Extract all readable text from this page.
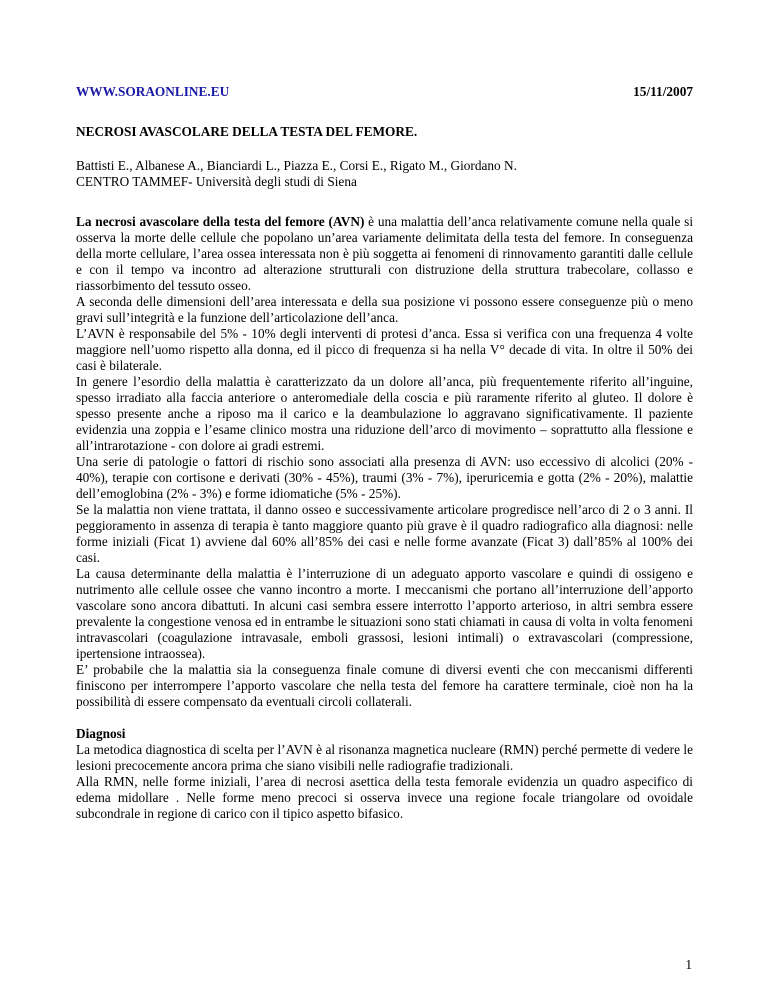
WWW.SORAONLINE.EU	15/11/2007
NECROSI AVASCOLARE DELLA TESTA DEL FEMORE.
Battisti E., Albanese A., Bianciardi L., Piazza E., Corsi E., Rigato M., Giordano N.
CENTRO TAMMEF- Università degli studi di Siena

La necrosi avascolare della testa del femore (AVN) è una malattia dell’anca relativamente comune nella quale si osserva la morte delle cellule che popolano un’area variamente delimitata della testa del femore. In conseguenza della morte cellulare, l’area ossea interessata non è più soggetta ai fenomeni di rinnovamento garantiti dalle cellule e con il tempo va incontro ad alterazione strutturali con distruzione della struttura trabecolare, collasso e riassorbimento del tessuto osseo.

A seconda delle dimensioni dell’area interessata e della sua posizione vi possono essere conseguenze più o meno gravi sull’integrità e la funzione dell’articolazione dell’anca.

L’AVN è responsabile del 5% - 10% degli interventi di protesi d’anca. Essa si verifica con una frequenza 4 volte maggiore nell’uomo rispetto alla donna, ed il picco di frequenza si ha nella V° decade di vita. In oltre il 50% dei casi è bilaterale.

In genere l’esordio della malattia è caratterizzato da un dolore all’anca, più frequentemente riferito all’inguine, spesso irradiato alla faccia anteriore o anteromediale della coscia e più raramente riferito al gluteo. Il dolore è spesso presente anche a riposo ma il carico e la deambulazione lo aggravano significativamente. Il paziente evidenzia una zoppia e l’esame clinico mostra una riduzione dell’arco di movimento – soprattutto alla flessione e all’intrarotazione - con dolore ai gradi estremi.

Una serie di patologie o fattori di rischio sono associati alla presenza di AVN: uso eccessivo di alcolici (20% - 40%), terapie con cortisone e derivati (30% - 45%), traumi (3% - 7%), iperuricemia e gotta (2% - 20%), malattie dell’emoglobina (2% - 3%) e forme idiomatiche (5% - 25%).

Se la malattia non viene trattata, il danno osseo e successivamente articolare progredisce nell’arco di 2 o 3 anni. Il peggioramento in assenza di terapia è tanto maggiore quanto più grave è il quadro radiografico alla diagnosi: nelle forme iniziali (Ficat 1) avviene dal 60% all’85% dei casi e nelle forme avanzate (Ficat 3) dall’85% al 100% dei casi.

La causa determinante della malattia è l’interruzione di un adeguato apporto vascolare e quindi di ossigeno e nutrimento alle cellule ossee che vanno incontro a morte. I meccanismi che portano all’interruzione dell’apporto vascolare sono ancora dibattuti. In alcuni casi sembra essere interrotto l’apporto arterioso, in altri sembra essere prevalente la congestione venosa ed in entrambe le situazioni sono stati chiamati in causa di volta in volta fenomeni intravascolari (coagulazione intravasale, emboli grassosi, lesioni intimali) o extravascolari (compressione, ipertensione intraossea).

E’ probabile che la malattia sia la conseguenza finale comune di diversi eventi che con meccanismi differenti finiscono per interrompere l’apporto vascolare che nella testa del femore ha carattere terminale, cioè non ha la possibilità di essere compensato da eventuali circoli collaterali.

Diagnosi

La metodica diagnostica di scelta per l’AVN è al risonanza magnetica nucleare (RMN) perché permette di vedere le lesioni precocemente ancora prima che siano visibili nelle radiografie tradizionali.

Alla RMN, nelle forme iniziali, l’area di necrosi asettica della testa femorale evidenzia un quadro aspecifico di edema midollare . Nelle forme meno precoci si osserva invece una regione focale triangolare od ovoidale subcondrale in regione di carico con il tipico aspetto bifasico.

1
